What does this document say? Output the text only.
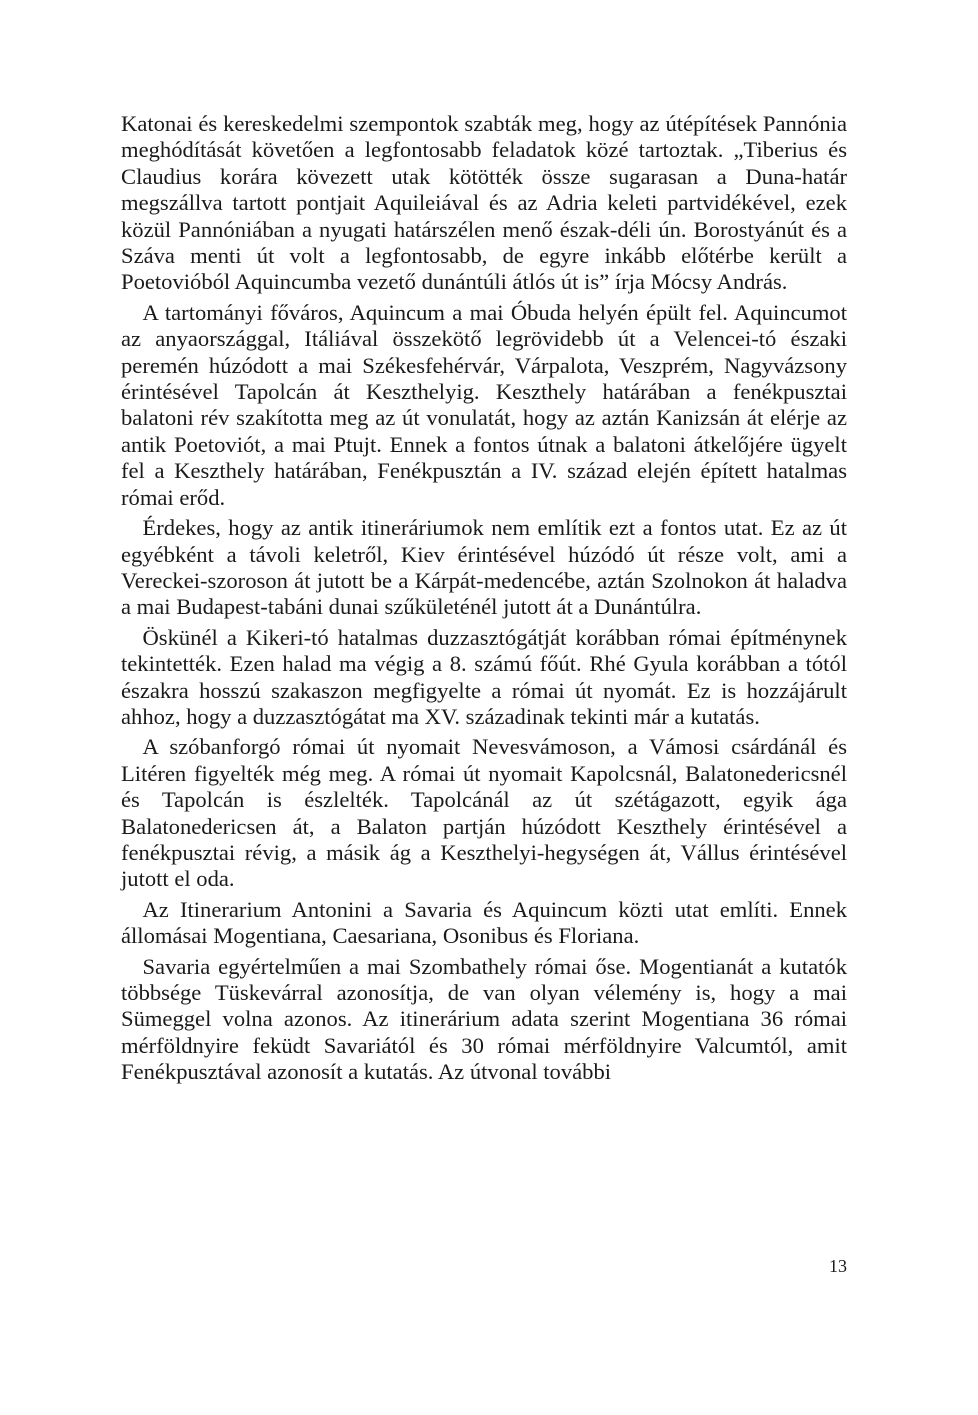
Katonai és kereskedelmi szempontok szabták meg, hogy az útépítések Pannónia meghódítását követően a legfontosabb feladatok közé tartoztak. „Tiberius és Claudius korára kövezett utak kötötték össze sugarasan a Duna-határ megszállva tartott pontjait Aquileiával és az Adria keleti partvidékével, ezek közül Pannóniában a nyugati határszélen menő észak-déli ún. Borostyánút és a Száva menti út volt a legfontosabb, de egyre inkább előtérbe került a Poetovióból Aquincumba vezető dunántúli átlós út is” írja Mócsy András.

A tartományi főváros, Aquincum a mai Óbuda helyén épült fel. Aquincumot az anyaországgal, Itáliával összekötő legrövidebb út a Velencei-tó északi peremén húzódott a mai Székesfehérvár, Várpalota, Veszprém, Nagyvázsony érintésével Tapolcán át Keszthelyig. Keszthely határában a fenékpusztai balatoni rév szakította meg az út vonulatát, hogy az aztán Kanizsán át elérje az antik Poetoviót, a mai Ptujt. Ennek a fontos útnak a balatoni átkelőjére ügyelt fel a Keszthely határában, Fenékpusztán a IV. század elején épített hatalmas római erőd.

Érdekes, hogy az antik itineráriumok nem említik ezt a fontos utat. Ez az út egyébként a távoli keletről, Kiev érintésével húzódó út része volt, ami a Vereckei-szoroson át jutott be a Kárpát-medencébe, aztán Szolnokon át haladva a mai Budapest-tabáni dunai szűkületénél jutott át a Dunántúlra.

Öskünél a Kikeri-tó hatalmas duzzasztógátját korábban római építménynek tekintették. Ezen halad ma végig a 8. számú főút. Rhé Gyula korábban a tótól északra hosszú szakaszon megfigyelte a római út nyomát. Ez is hozzájárult ahhoz, hogy a duzzasztógátat ma XV. századinak tekinti már a kutatás.

A szóbanforgó római út nyomait Nevesvámoson, a Vámosi csárdánál és Litéren figyelték még meg. A római út nyomait Kapolcsnál, Balatonedericsnél és Tapolcán is észlelték. Tapolcánál az út szétágazott, egyik ága Balatonedericsen át, a Balaton partján húzódott Keszthely érintésével a fenékpusztai révig, a másik ág a Keszthelyi-hegységen át, Vállus érintésével jutott el oda.

Az Itinerarium Antonini a Savaria és Aquincum közti utat említi. Ennek állomásai Mogentiana, Caesariana, Osonibus és Floriana.

Savaria egyértelműen a mai Szombathely római őse. Mogentianát a kutatók többsége Tüskevárral azonosítja, de van olyan vélemény is, hogy a mai Sümeggel volna azonos. Az itinerárium adata szerint Mogentiana 36 római mérföldnyire feküdt Savariától és 30 római mérföldnyire Valcumtól, amit Fenékpusztával azonosít a kutatás. Az útvonal további

13
